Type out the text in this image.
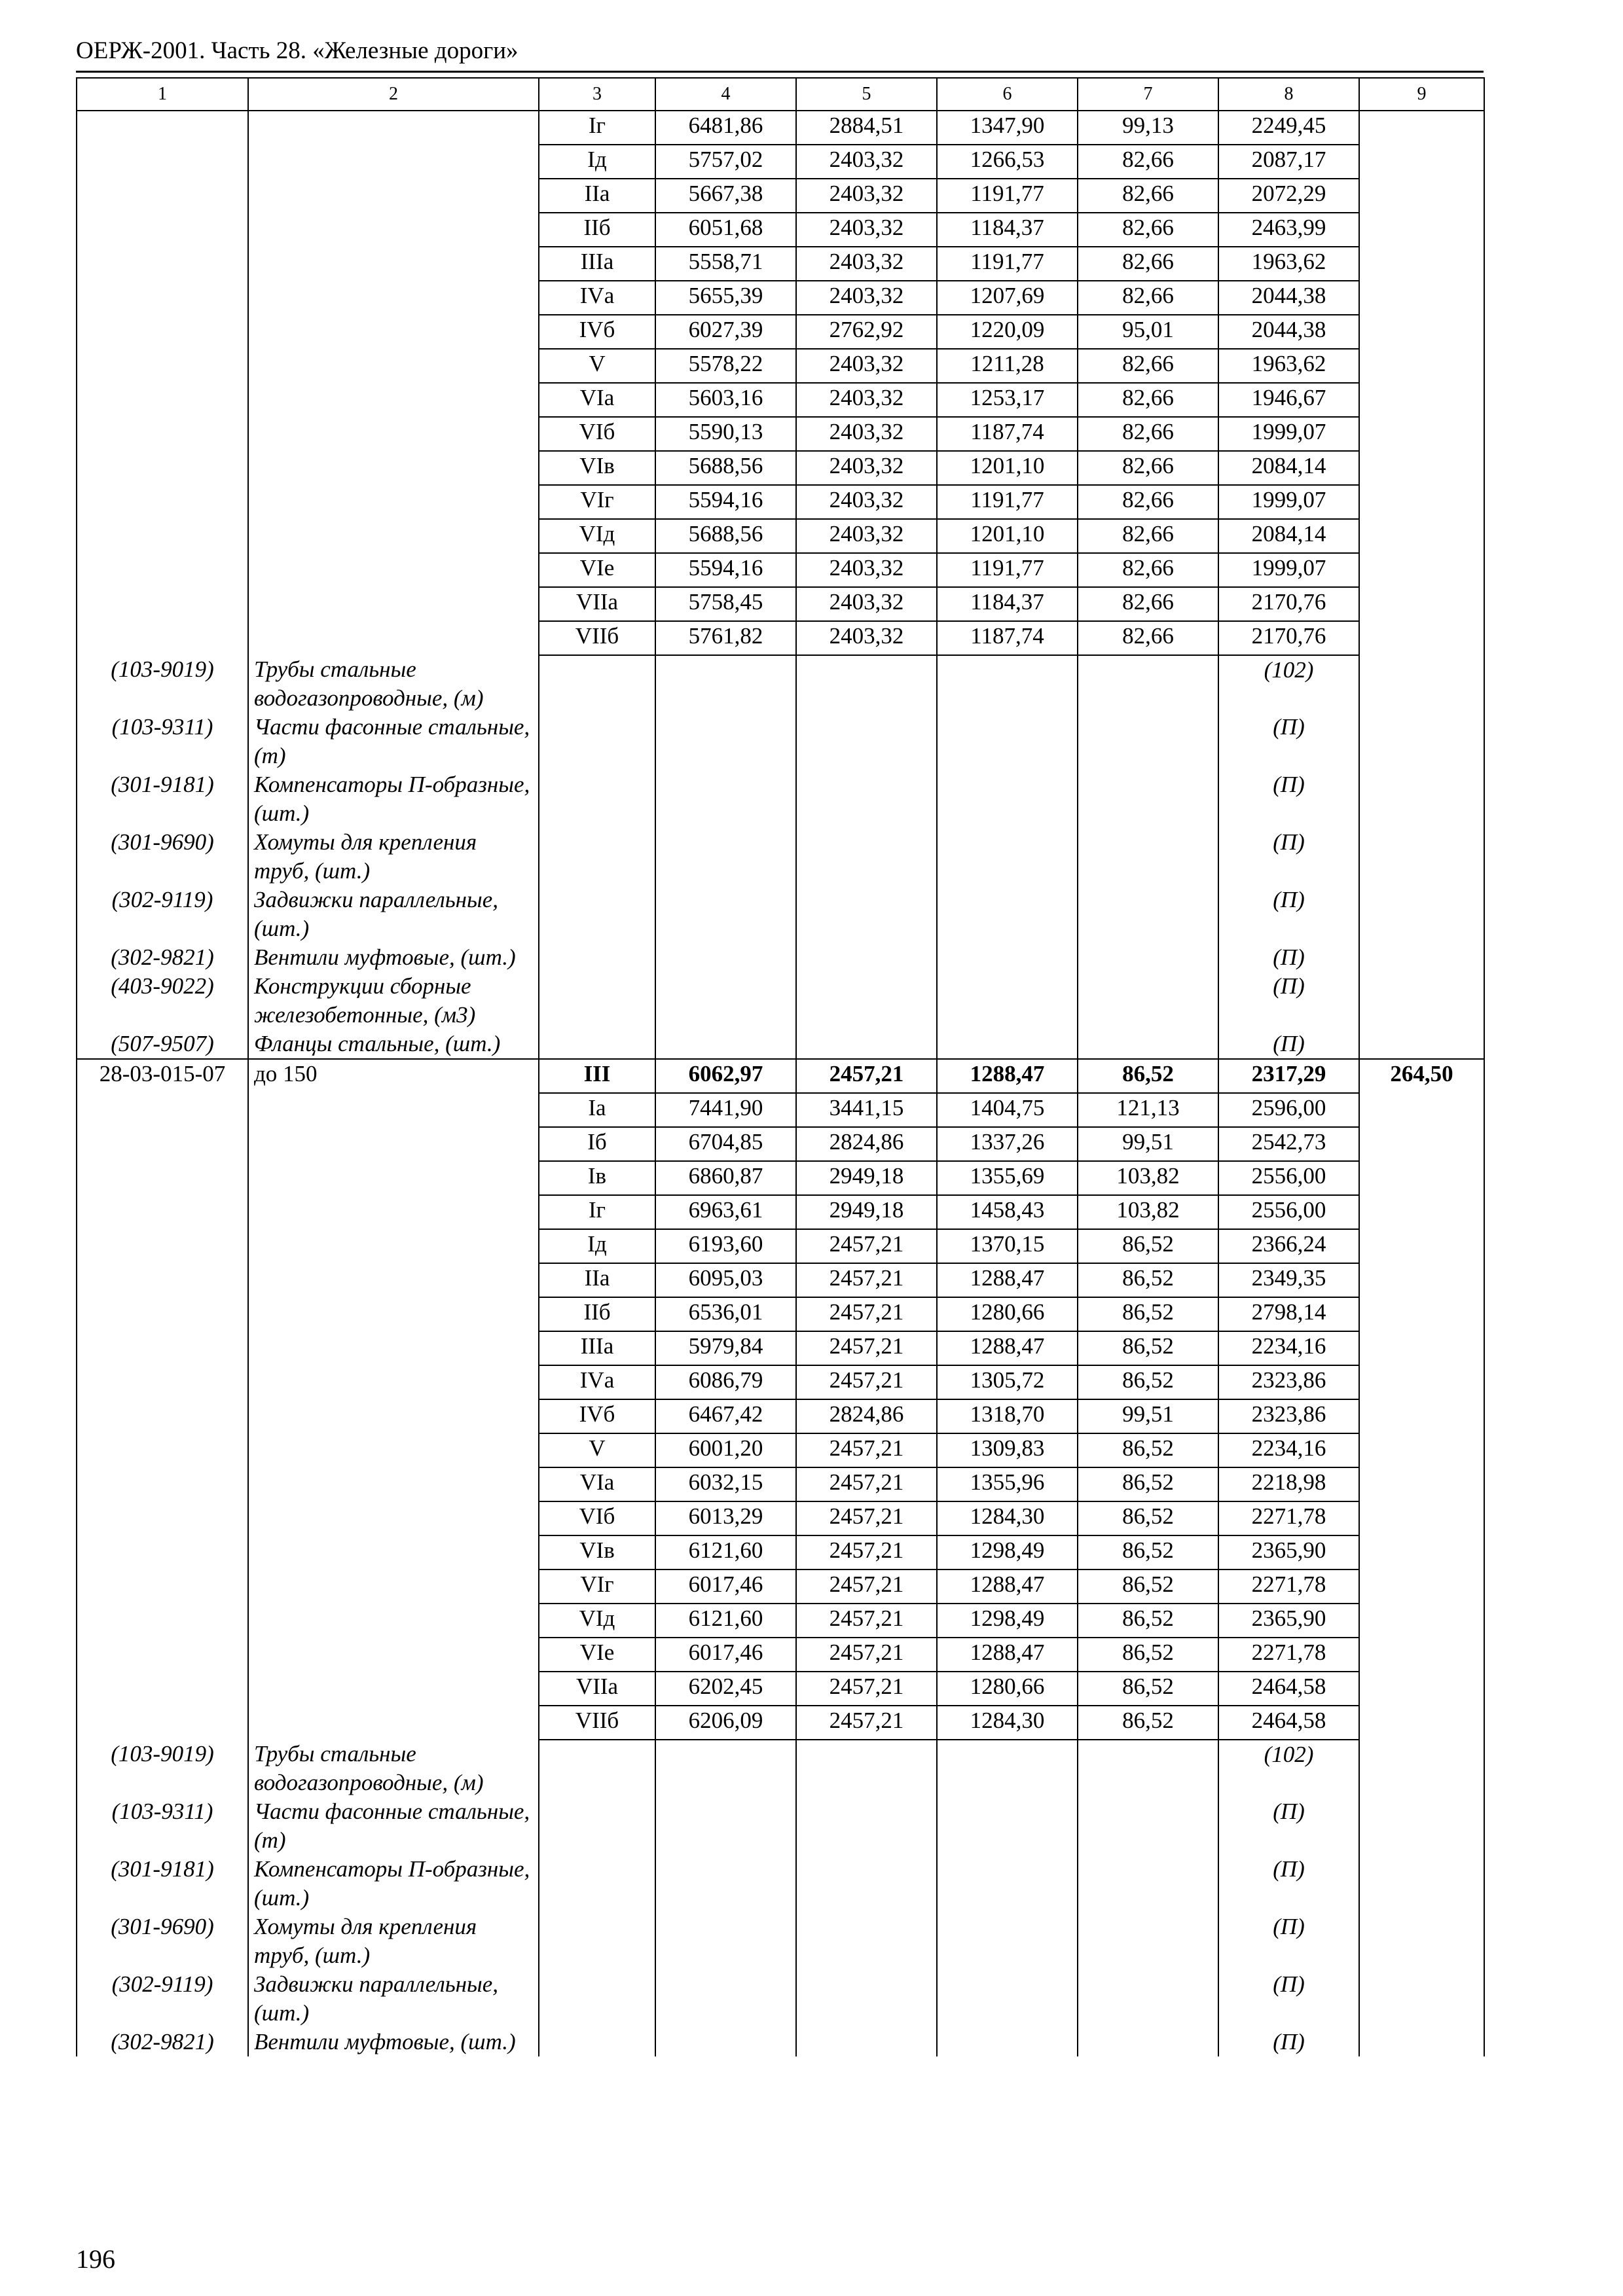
ОЕРЖ-2001. Часть 28. «Железные дороги»
1	2	3	4	5	6	7	8	9
		Iг	6481,86	2884,51	1347,90	99,13	2249,45	
		Iд	5757,02	2403,32	1266,53	82,66	2087,17	
		IIа	5667,38	2403,32	1191,77	82,66	2072,29	
		IIб	6051,68	2403,32	1184,37	82,66	2463,99	
		IIIа	5558,71	2403,32	1191,77	82,66	1963,62	
		IVа	5655,39	2403,32	1207,69	82,66	2044,38	
		IVб	6027,39	2762,92	1220,09	95,01	2044,38	
		V	5578,22	2403,32	1211,28	82,66	1963,62	
		VIа	5603,16	2403,32	1253,17	82,66	1946,67	
		VIб	5590,13	2403,32	1187,74	82,66	1999,07	
		VIв	5688,56	2403,32	1201,10	82,66	2084,14	
		VIг	5594,16	2403,32	1191,77	82,66	1999,07	
		VIд	5688,56	2403,32	1201,10	82,66	2084,14	
		VIе	5594,16	2403,32	1191,77	82,66	1999,07	
		VIIа	5758,45	2403,32	1184,37	82,66	2170,76	
		VIIб	5761,82	2403,32	1187,74	82,66	2170,76	
(103-9019)	Трубы стальные водогазопроводные, (м)						(102)	
(103-9311)	Части фасонные стальные, (т)						(П)	
(301-9181)	Компенсаторы П-образные, (шт.)						(П)	
(301-9690)	Хомуты для крепления труб, (шт.)						(П)	
(302-9119)	Задвижки параллельные, (шт.)						(П)	
(302-9821)	Вентили муфтовые, (шт.)						(П)	
(403-9022)	Конструкции сборные железобетонные, (м3)						(П)	
(507-9507)	Фланцы стальные, (шт.)						(П)	
28-03-015-07	до 150	III	6062,97	2457,21	1288,47	86,52	2317,29	264,50
		Iа	7441,90	3441,15	1404,75	121,13	2596,00	
		Iб	6704,85	2824,86	1337,26	99,51	2542,73	
		Iв	6860,87	2949,18	1355,69	103,82	2556,00	
		Iг	6963,61	2949,18	1458,43	103,82	2556,00	
		Iд	6193,60	2457,21	1370,15	86,52	2366,24	
		IIа	6095,03	2457,21	1288,47	86,52	2349,35	
		IIб	6536,01	2457,21	1280,66	86,52	2798,14	
		IIIа	5979,84	2457,21	1288,47	86,52	2234,16	
		IVа	6086,79	2457,21	1305,72	86,52	2323,86	
		IVб	6467,42	2824,86	1318,70	99,51	2323,86	
		V	6001,20	2457,21	1309,83	86,52	2234,16	
		VIа	6032,15	2457,21	1355,96	86,52	2218,98	
		VIб	6013,29	2457,21	1284,30	86,52	2271,78	
		VIв	6121,60	2457,21	1298,49	86,52	2365,90	
		VIг	6017,46	2457,21	1288,47	86,52	2271,78	
		VIд	6121,60	2457,21	1298,49	86,52	2365,90	
		VIе	6017,46	2457,21	1288,47	86,52	2271,78	
		VIIа	6202,45	2457,21	1280,66	86,52	2464,58	
		VIIб	6206,09	2457,21	1284,30	86,52	2464,58	
(103-9019)	Трубы стальные водогазопроводные, (м)						(102)	
(103-9311)	Части фасонные стальные, (т)						(П)	
(301-9181)	Компенсаторы П-образные, (шт.)						(П)	
(301-9690)	Хомуты для крепления труб, (шт.)						(П)	
(302-9119)	Задвижки параллельные, (шт.)						(П)	
(302-9821)	Вентили муфтовые, (шт.)						(П)	
196
